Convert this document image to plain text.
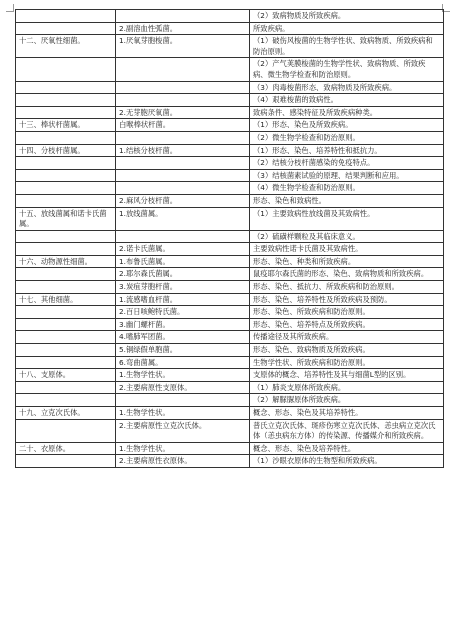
		（2）致病物质及所致疾病。
	2.副溶血性弧菌。	所致疾病。
十二、厌氧性细菌。	1.厌氧芽胞梭菌。	（1）破伤风梭菌的生物学性状、致病物质、所致疾病和防治原则。
		（2）产气荚膜梭菌的生物学性状、致病物质、所致疾病、微生物学检查和防治原则。
		（3）肉毒梭菌形态、致病物质及所致疾病。
		（4）艰难梭菌的致病性。
	2.无芽胞厌氧菌。	致病条件、感染特征及所致疾病种类。
十三、棒状杆菌属。	白喉棒状杆菌。	（1）形态、染色及所致疾病。
		（2）微生物学检查和防治原则。
十四、分枝杆菌属。	1.结核分枝杆菌。	（1）形态、染色、培养特性和抵抗力。
		（2）结核分枝杆菌感染的免疫特点。
		（3）结核菌素试验的原理、结果判断和应用。
		（4）微生物学检查和防治原则。
	2.麻风分枝杆菌。	形态、染色和致病性。
十五、放线菌属和诺卡氏菌属。	1.放线菌属。	（1）主要致病性放线菌及其致病性。
		（2）硫磺样颗粒及其临床意义。
	2.诺卡氏菌属。	主要致病性诺卡氏菌及其致病性。
十六、动物源性细菌。	1.布鲁氏菌属。	形态、染色、种类和所致疾病。
	2.耶尔森氏菌属。	鼠疫耶尔森氏菌的形态、染色、致病物质和所致疾病。
	3.炭疽芽胞杆菌。	形态、染色、抵抗力、所致疾病和防治原则。
十七、其他细菌。	1.流感嗜血杆菌。	形态、染色、培养特性及所致疾病及预防。
	2.百日咳鲍特氏菌。	形态、染色、所致疾病和防治原则。
	3.幽门螺杆菌。	形态、染色、培养特点及所致疾病。
	4.嗜肺军团菌。	传播途径及其所致疾病。
	5.铜绿假单胞菌。	形态、染色、致病物质及所致疾病。
	6.弯曲菌属。	生物学性状、所致疾病和防治原则。
十八、支原体。	1.生物学性状。	支原体的概念、培养特性及其与细菌L型的区别。
	2.主要病原性支原体。	（1）肺炎支原体所致疾病。
		（2）解脲脲原体所致疾病。
十九、立克次氏体。	1.生物学性状。	概念、形态、染色及其培养特性。
	2.主要病原性立克次氏体。	普氏立克次氏体、斑疹伤寒立克次氏体、恙虫病立克次氏体（恙虫病东方体）的传染源、传播媒介和所致疾病。
二十、衣原体。	1.生物学性状。	概念、形态、染色及培养特性。
	2.主要病原性衣原体。	（1）沙眼衣原体的生物型和所致疾病。
